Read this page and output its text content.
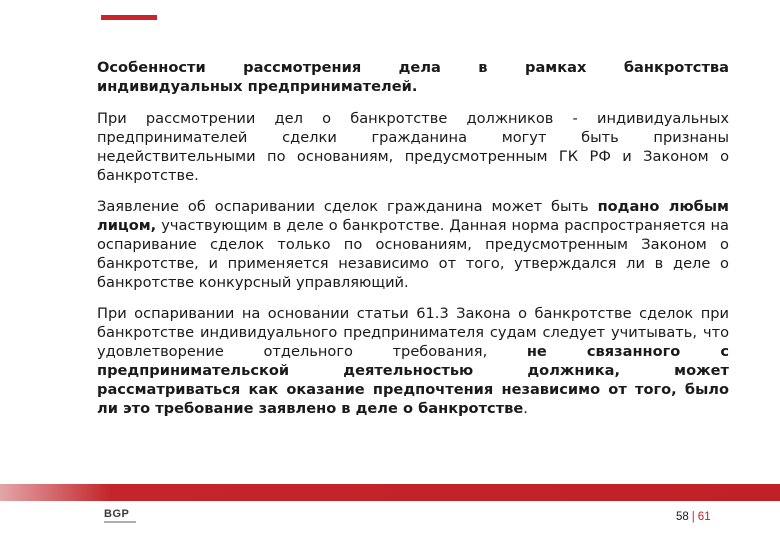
Особенности рассмотрения дела в рамках банкротства

индивидуальных предпринимателей.

При рассмотрении дел о банкротстве должников - индивидуальных предпринимателей сделки гражданина могут быть признаны недействительными по основаниям, предусмотренным ГК РФ и Законом о банкротстве.

Заявление об оспаривании сделок гражданина может быть подано любым лицом, участвующим в деле о банкротстве. Данная норма распространяется на оспаривание сделок только по основаниям, предусмотренным Законом о банкротстве, и применяется независимо от того, утверждался ли в деле о банкротстве конкурсный управляющий.

При оспаривании на основании статьи 61.3 Закона о банкротстве сделок при банкротстве индивидуального предпринимателя судам следует учитывать, что удовлетворение отдельного требования, не связанного с предпринимательской деятельностью должника, может рассматриваться как оказание предпочтения независимо от того, было ли это требование заявлено в деле о банкротстве.

BGP	58 | 61
